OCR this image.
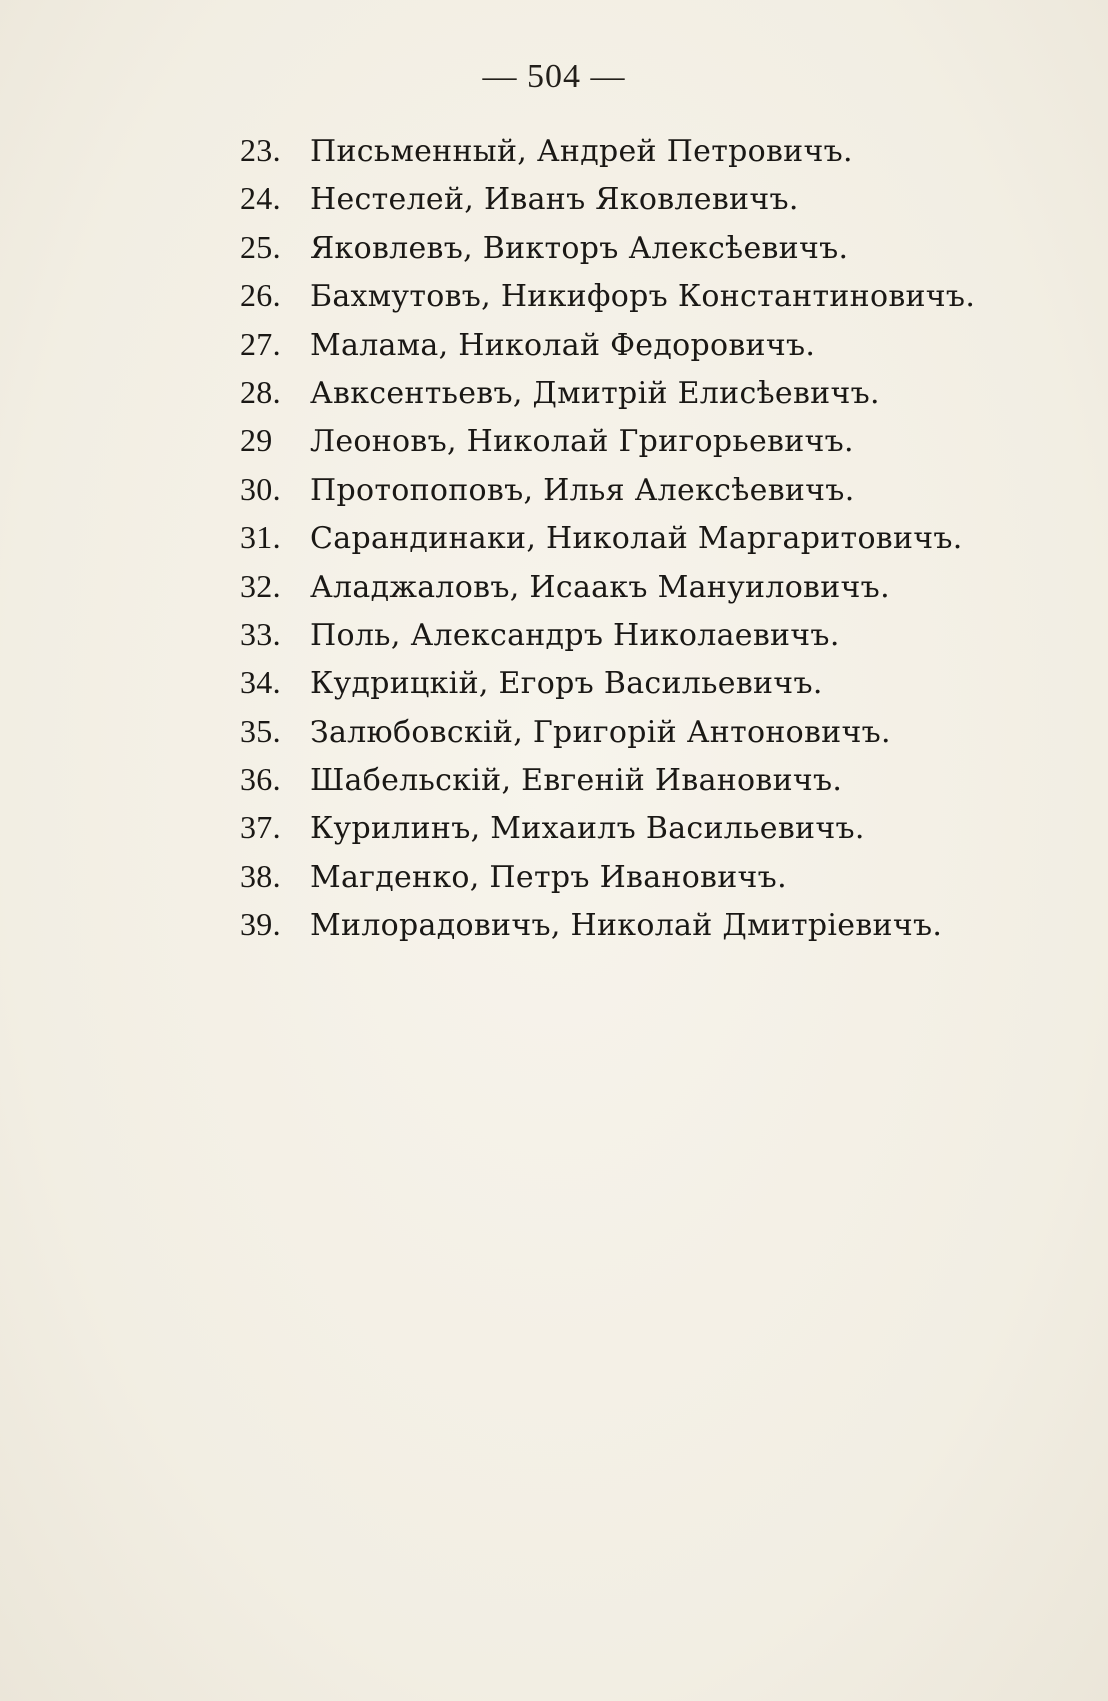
— 504 —
23. Письменный, Андрей Петровичъ.
24. Нестелей, Иванъ Яковлевичъ.
25. Яковлевъ, Викторъ Алексѣевичъ.
26. Бахмутовъ, Никифоръ Константиновичъ.
27. Малама, Николай Федоровичъ.
28. Авксентьевъ, Дмитрій Елисѣевичъ.
29	Леоновъ, Николай Григорьевичъ.
30. Протопоповъ, Илья Алексѣевичъ.
31. Сарандинаки, Николай Маргаритовичъ.
32. Аладжаловъ, Исаакъ Мануиловичъ.
33. Поль, Александръ Николаевичъ.
34. Кудрицкій, Егоръ Васильевичъ.
35. Залюбовскій, Григорій Антоновичъ.
36. Шабельскій, Евгеній Ивановичъ.
37. Курилинъ, Михаилъ Васильевичъ.
38. Магденко, Петръ Ивановичъ.
39. Милорадовичъ, Николай Дмитріевичъ.
